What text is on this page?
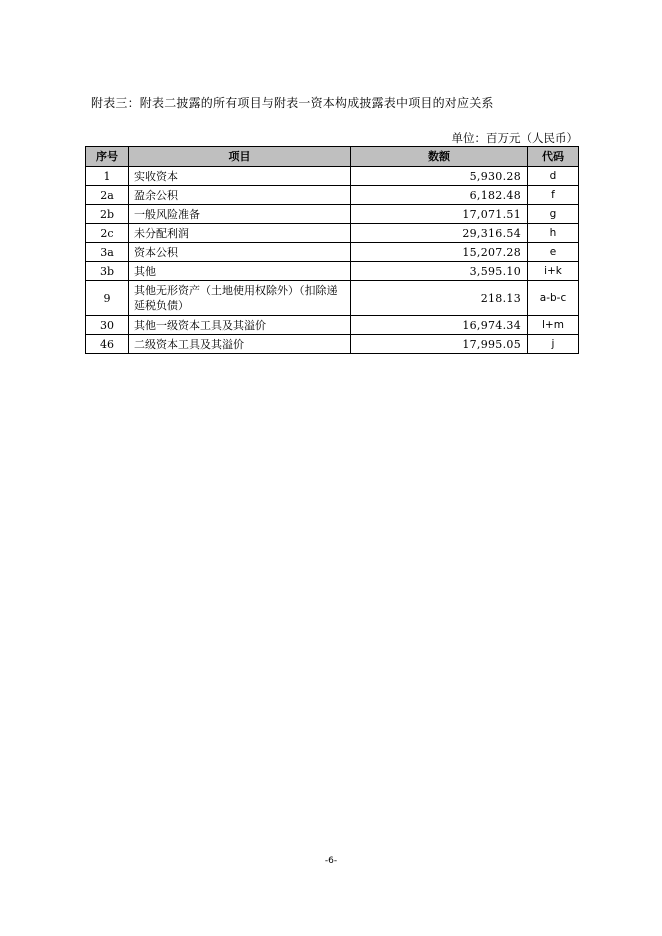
附表三：附表二披露的所有项目与附表一资本构成披露表中项目的对应关系
单位：百万元（人民币）
序号	项目	数额	代码
1	实收资本	5,930.28	d
2a	盈余公积	6,182.48	f
2b	一般风险准备	17,071.51	g
2c	未分配利润	29,316.54	h
3a	资本公积	15,207.28	e
3b	其他	3,595.10	i+k
9	其他无形资产（土地使用权除外）（扣除递延税负债）	218.13	a-b-c
30	其他一级资本工具及其溢价	16,974.34	l+m
46	二级资本工具及其溢价	17,995.05	j
-6-
